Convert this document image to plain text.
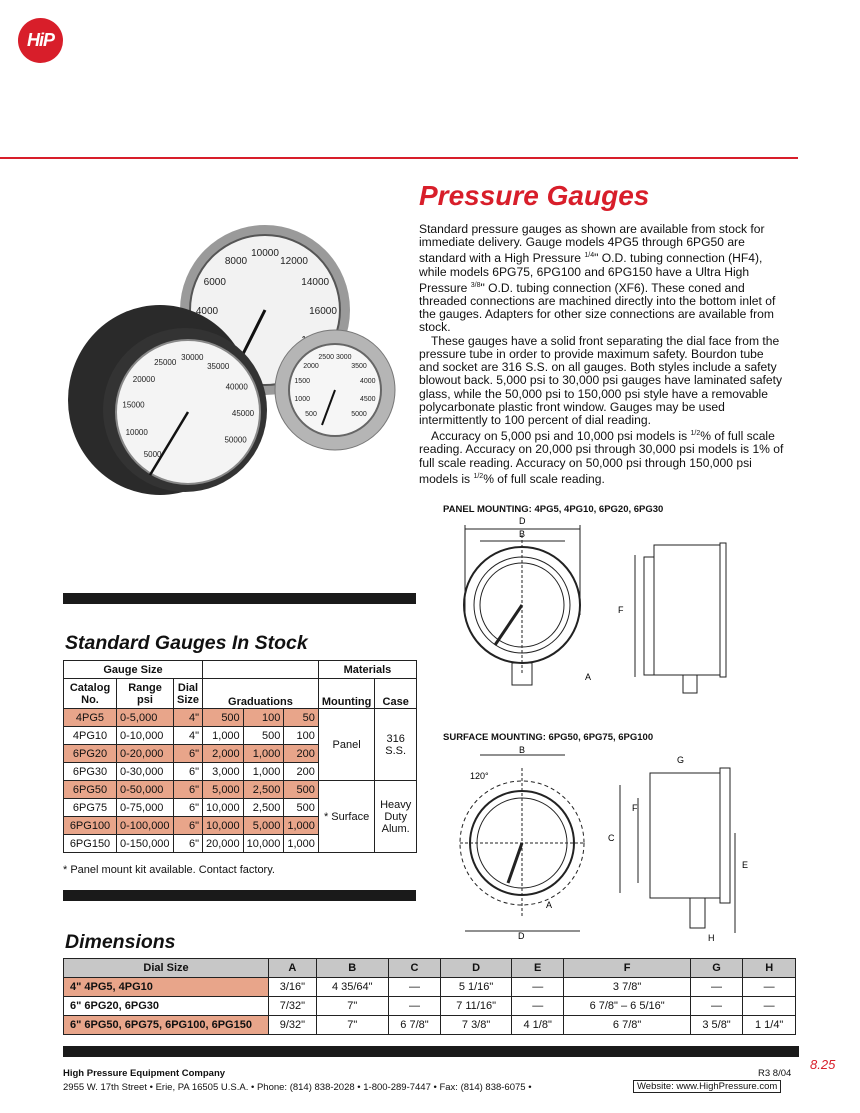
HiP
Pressure Gauges

Standard pressure gauges as shown are available from stock for immediate delivery. Gauge models 4PG5 through 6PG50 are standard with a High Pressure $^{1/4}$" O.D. tubing connection (HF4), while models 6PG75, 6PG100 and 6PG150 have a Ultra High Pressure $^{3/8}$" O.D. tubing connection (XF6). These coned and threaded connections are machined directly into the bottom inlet of the gauges. Adapters for other size connections are available from stock.

These gauges have a solid front separating the dial face from the pressure tube in order to provide maximum safety. Bourdon tube and socket are 316 S.S. on all gauges. Both styles include a safety blowout back. 5,000 psi to 30,000 psi gauges have laminated safety glass, while the 50,000 psi to 150,000 psi style have a removable polycarbonate plastic front window. Gauges may be used intermittently to 100 percent of dial reading.

Accuracy on 5,000 psi and 10,000 psi models is $^{1/2}$% of full scale reading. Accuracy on 20,000 psi through 30,000 psi models is 1% of full scale reading. Accuracy on 50,000 psi through 150,000 psi models is $^{1/2}$% of full scale reading.

4000
6000
8000
10000
12000
14000
16000
5000
10000
15000
20000
25000
30000
35000
40000
45000
50000
500
1000
1500
2000
2500 3000
3500
4000
4500
5000
PANEL MOUNTING: 4PG5, 4PG10, 6PG20, 6PG30
D
B
F
A
SURFACE MOUNTING: 6PG50, 6PG75, 6PG100
B
120°
C
F
G
E
A
D	H
Standard Gauges In Stock
Gauge Size						Materials	
Catalog No.	Range psi	Dial Size	Graduations			Mounting	Case
4PG5	0-5,000	4"	500	100	50	Panel	316 S.S.
4PG10	0-10,000	4"	1,000	500	100		
6PG20	0-20,000	6"	2,000	1,000	200		
6PG30	0-30,000	6"	3,000	1,000	200		
6PG50	0-50,000	6"	5,000	2,500	500	* Surface	Heavy Duty Alum.
6PG75	0-75,000	6"	10,000	2,500	500		
6PG100	0-100,000	6"	10,000	5,000	1,000		
6PG150	0-150,000	6"	20,000	10,000	1,000		
* Panel mount kit available. Contact factory.
Dimensions
Dial Size	A	B	C	D	E	F	G	H
4" 4PG5, 4PG10	3/16"	4 35/64"	—	5 1/16"	—	3 7/8"	—	—
6" 6PG20, 6PG30	7/32"	7"	—	7 11/16"	—	6 7/8" – 6 5/16"	—	—
6" 6PG50, 6PG75, 6PG100, 6PG150	9/32"	7"	6 7/8"	7 3/8"	4 1/8"	6 7/8"	3 5/8"	1 1/4"
8.25
High Pressure Equipment Company	R3 8/04
2955 W. 17th Street • Erie, PA 16505 U.S.A. • Phone: (814) 838-2028 • 1-800-289-7447 • Fax: (814) 838-6075 •	Website: www.HighPressure.com
